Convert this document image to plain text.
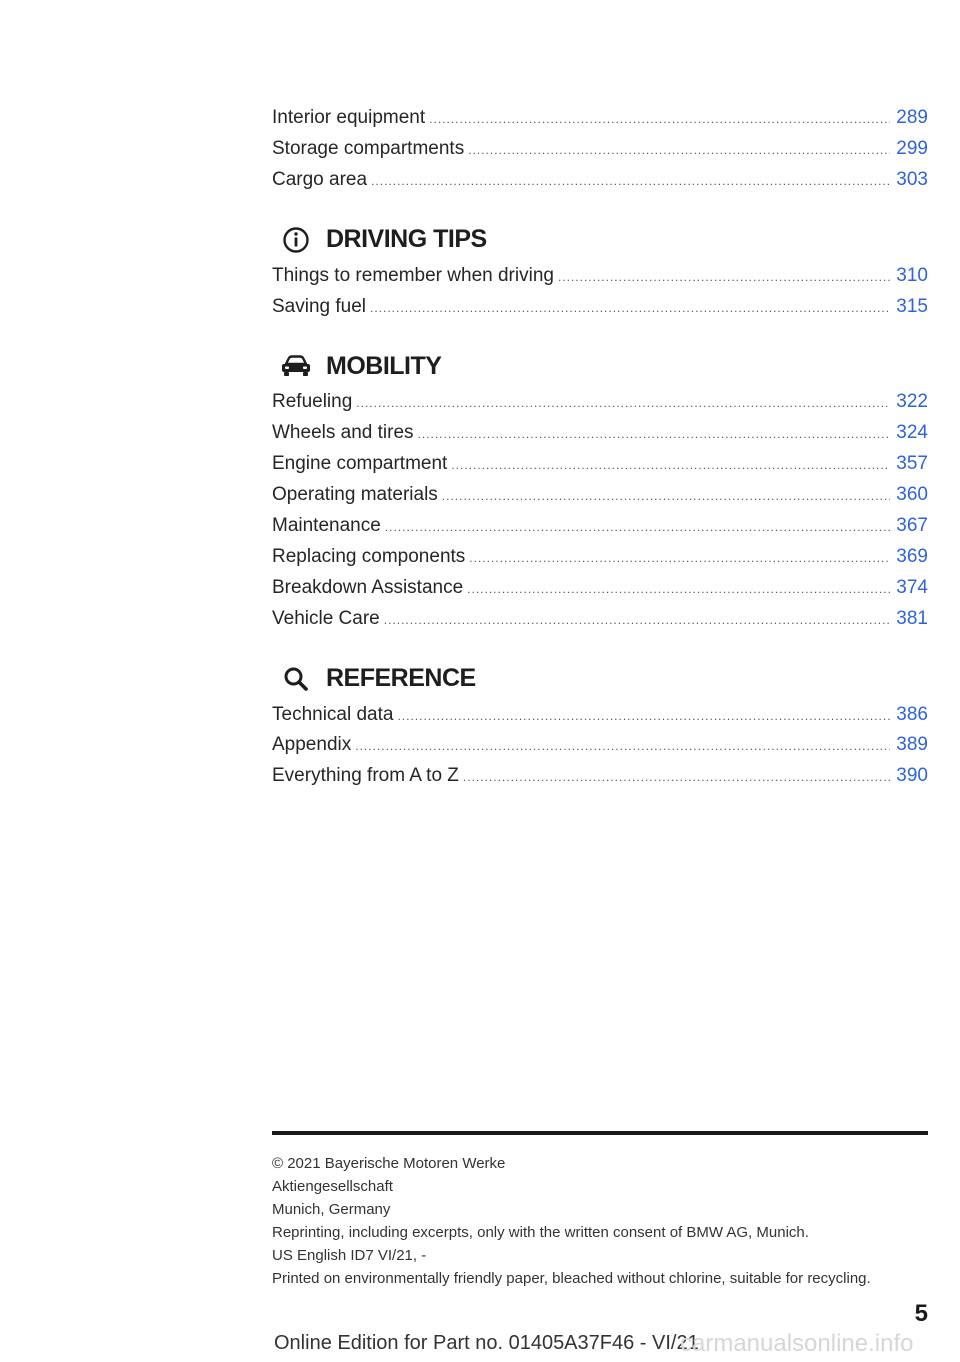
Interior equipment .....	289
Storage compartments .....	299
Cargo area .....	303
DRIVING TIPS
Things to remember when driving .....	310
Saving fuel .....	315
MOBILITY
Refueling .....	322
Wheels and tires .....	324
Engine compartment .....	357
Operating materials .....	360
Maintenance .....	367
Replacing components .....	369
Breakdown Assistance .....	374
Vehicle Care .....	381
REFERENCE
Technical data .....	386
Appendix .....	389
Everything from A to Z .....	390
© 2021 Bayerische Motoren Werke
Aktiengesellschaft
Munich, Germany
Reprinting, including excerpts, only with the written consent of BMW AG, Munich.
US English ID7 VI/21, -
Printed on environmentally friendly paper, bleached without chlorine, suitable for recycling.
5
Online Edition for Part no. 01405A37F46 - VI/21
carmanualsonline.info
